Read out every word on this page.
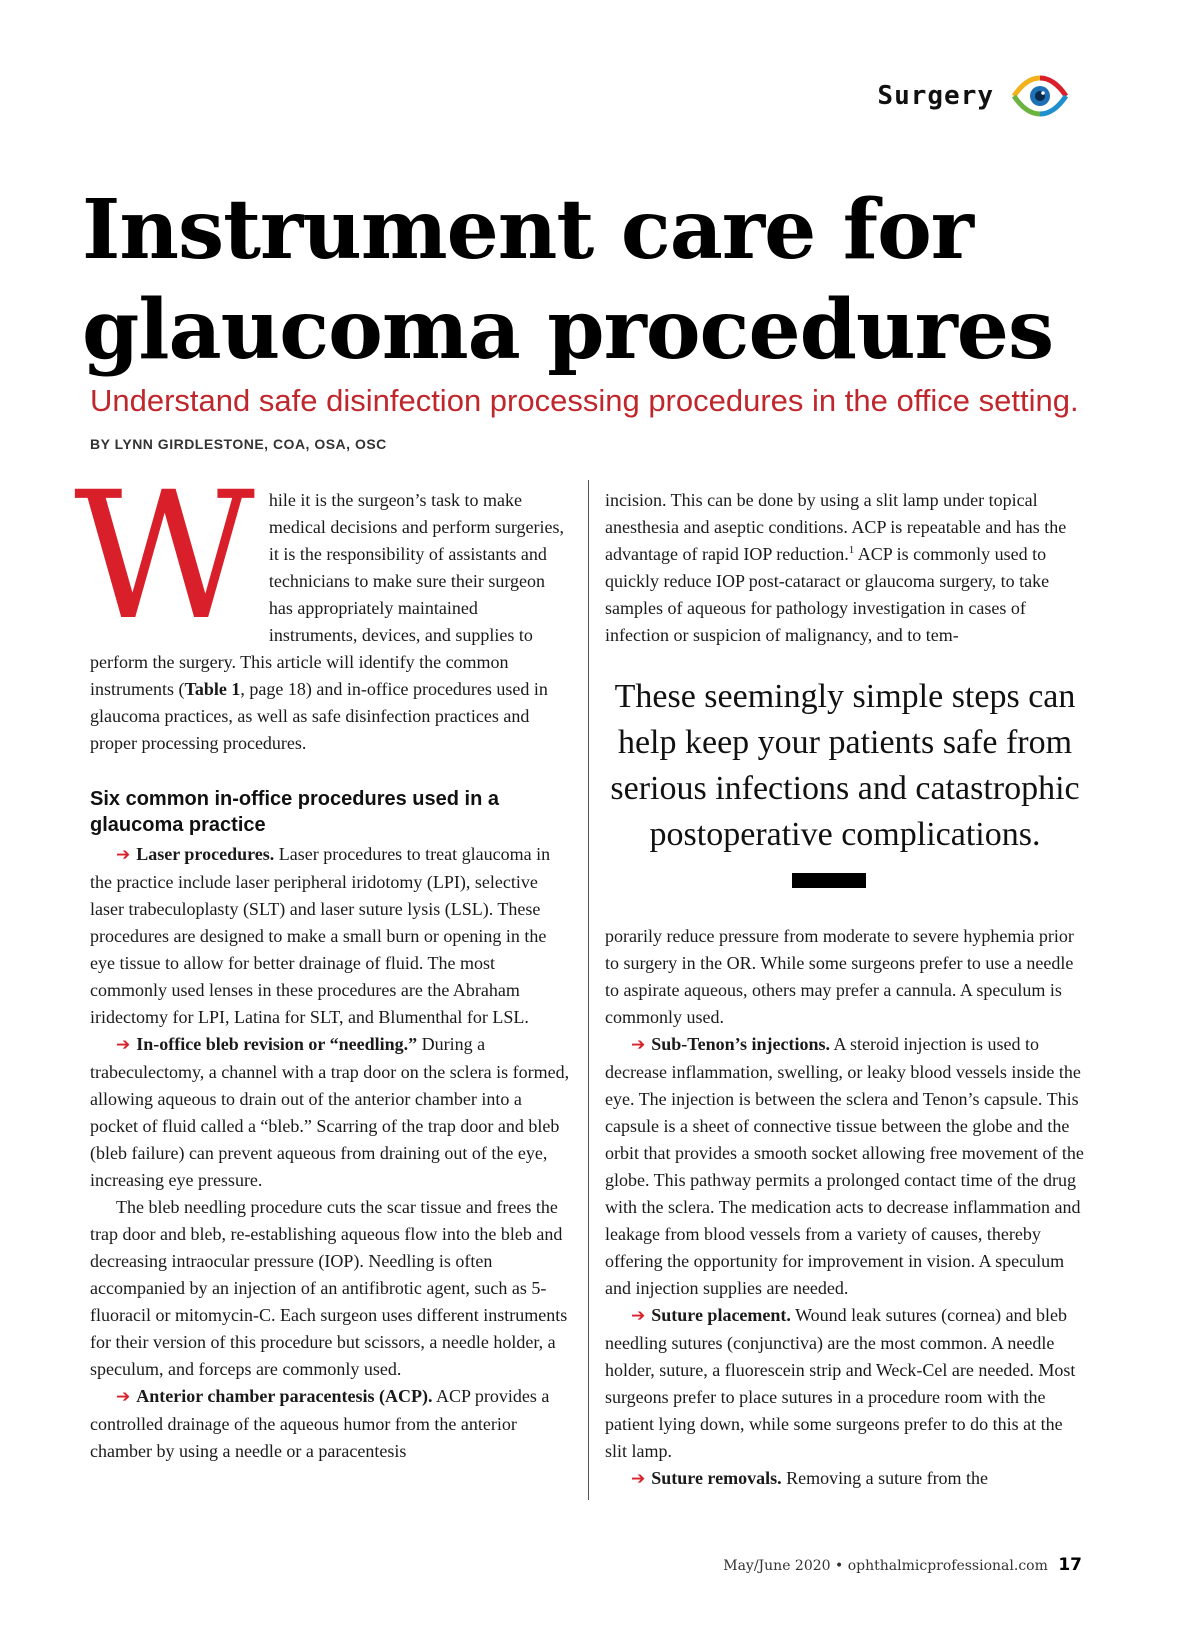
Surgery
Instrument care for glaucoma procedures

Understand safe disinfection processing procedures in the office setting.

BY LYNN GIRDLESTONE, COA, OSA, OSC

While it is the surgeon’s task to make medical decisions and perform surgeries, it is the responsibility of assistants and technicians to make sure their surgeon has appropriately maintained instruments, devices, and supplies to perform the surgery. This article will identify the common instruments (Table 1, page 18) and in-office procedures used in glaucoma practices, as well as safe disinfection practices and proper processing procedures.

Six common in-office procedures used in a glaucoma practice

➔ Laser procedures. Laser procedures to treat glaucoma in the practice include laser peripheral iridotomy (LPI), selective laser trabeculoplasty (SLT) and laser suture lysis (LSL). These procedures are designed to make a small burn or opening in the eye tissue to allow for better drainage of fluid. The most commonly used lenses in these procedures are the Abraham iridectomy for LPI, Latina for SLT, and Blumenthal for LSL.

➔ In-office bleb revision or “needling.” During a trabeculectomy, a channel with a trap door on the sclera is formed, allowing aqueous to drain out of the anterior chamber into a pocket of fluid called a “bleb.” Scarring of the trap door and bleb (bleb failure) can prevent aqueous from draining out of the eye, increasing eye pressure.

The bleb needling procedure cuts the scar tissue and frees the trap door and bleb, re-establishing aqueous flow into the bleb and decreasing intraocular pressure (IOP). Needling is often accompanied by an injection of an antifibrotic agent, such as 5-fluoracil or mitomycin-C. Each surgeon uses different instruments for their version of this procedure but scissors, a needle holder, a speculum, and forceps are commonly used.

➔ Anterior chamber paracentesis (ACP). ACP provides a controlled drainage of the aqueous humor from the anterior chamber by using a needle or a paracentesis

incision. This can be done by using a slit lamp under topical anesthesia and aseptic conditions. ACP is repeatable and has the advantage of rapid IOP reduction.$^1$ ACP is commonly used to quickly reduce IOP post-cataract or glaucoma surgery, to take samples of aqueous for pathology investigation in cases of infection or suspicion of malignancy, and to tem-

These seemingly simple steps can help keep your patients safe from serious infections and catastrophic postoperative complications.

porarily reduce pressure from moderate to severe hyphemia prior to surgery in the OR. While some surgeons prefer to use a needle to aspirate aqueous, others may prefer a cannula. A speculum is commonly used.

➔ Sub-Tenon’s injections. A steroid injection is used to decrease inflammation, swelling, or leaky blood vessels inside the eye. The injection is between the sclera and Tenon’s capsule. This capsule is a sheet of connective tissue between the globe and the orbit that provides a smooth socket allowing free movement of the globe. This pathway permits a prolonged contact time of the drug with the sclera. The medication acts to decrease inflammation and leakage from blood vessels from a variety of causes, thereby offering the opportunity for improvement in vision. A speculum and injection supplies are needed.

➔ Suture placement. Wound leak sutures (cornea) and bleb needling sutures (conjunctiva) are the most common. A needle holder, suture, a fluorescein strip and Weck-Cel are needed. Most surgeons prefer to place sutures in a procedure room with the patient lying down, while some surgeons prefer to do this at the slit lamp.

➔ Suture removals. Removing a suture from the

May/June 2020 • ophthalmicprofessional.com 17
